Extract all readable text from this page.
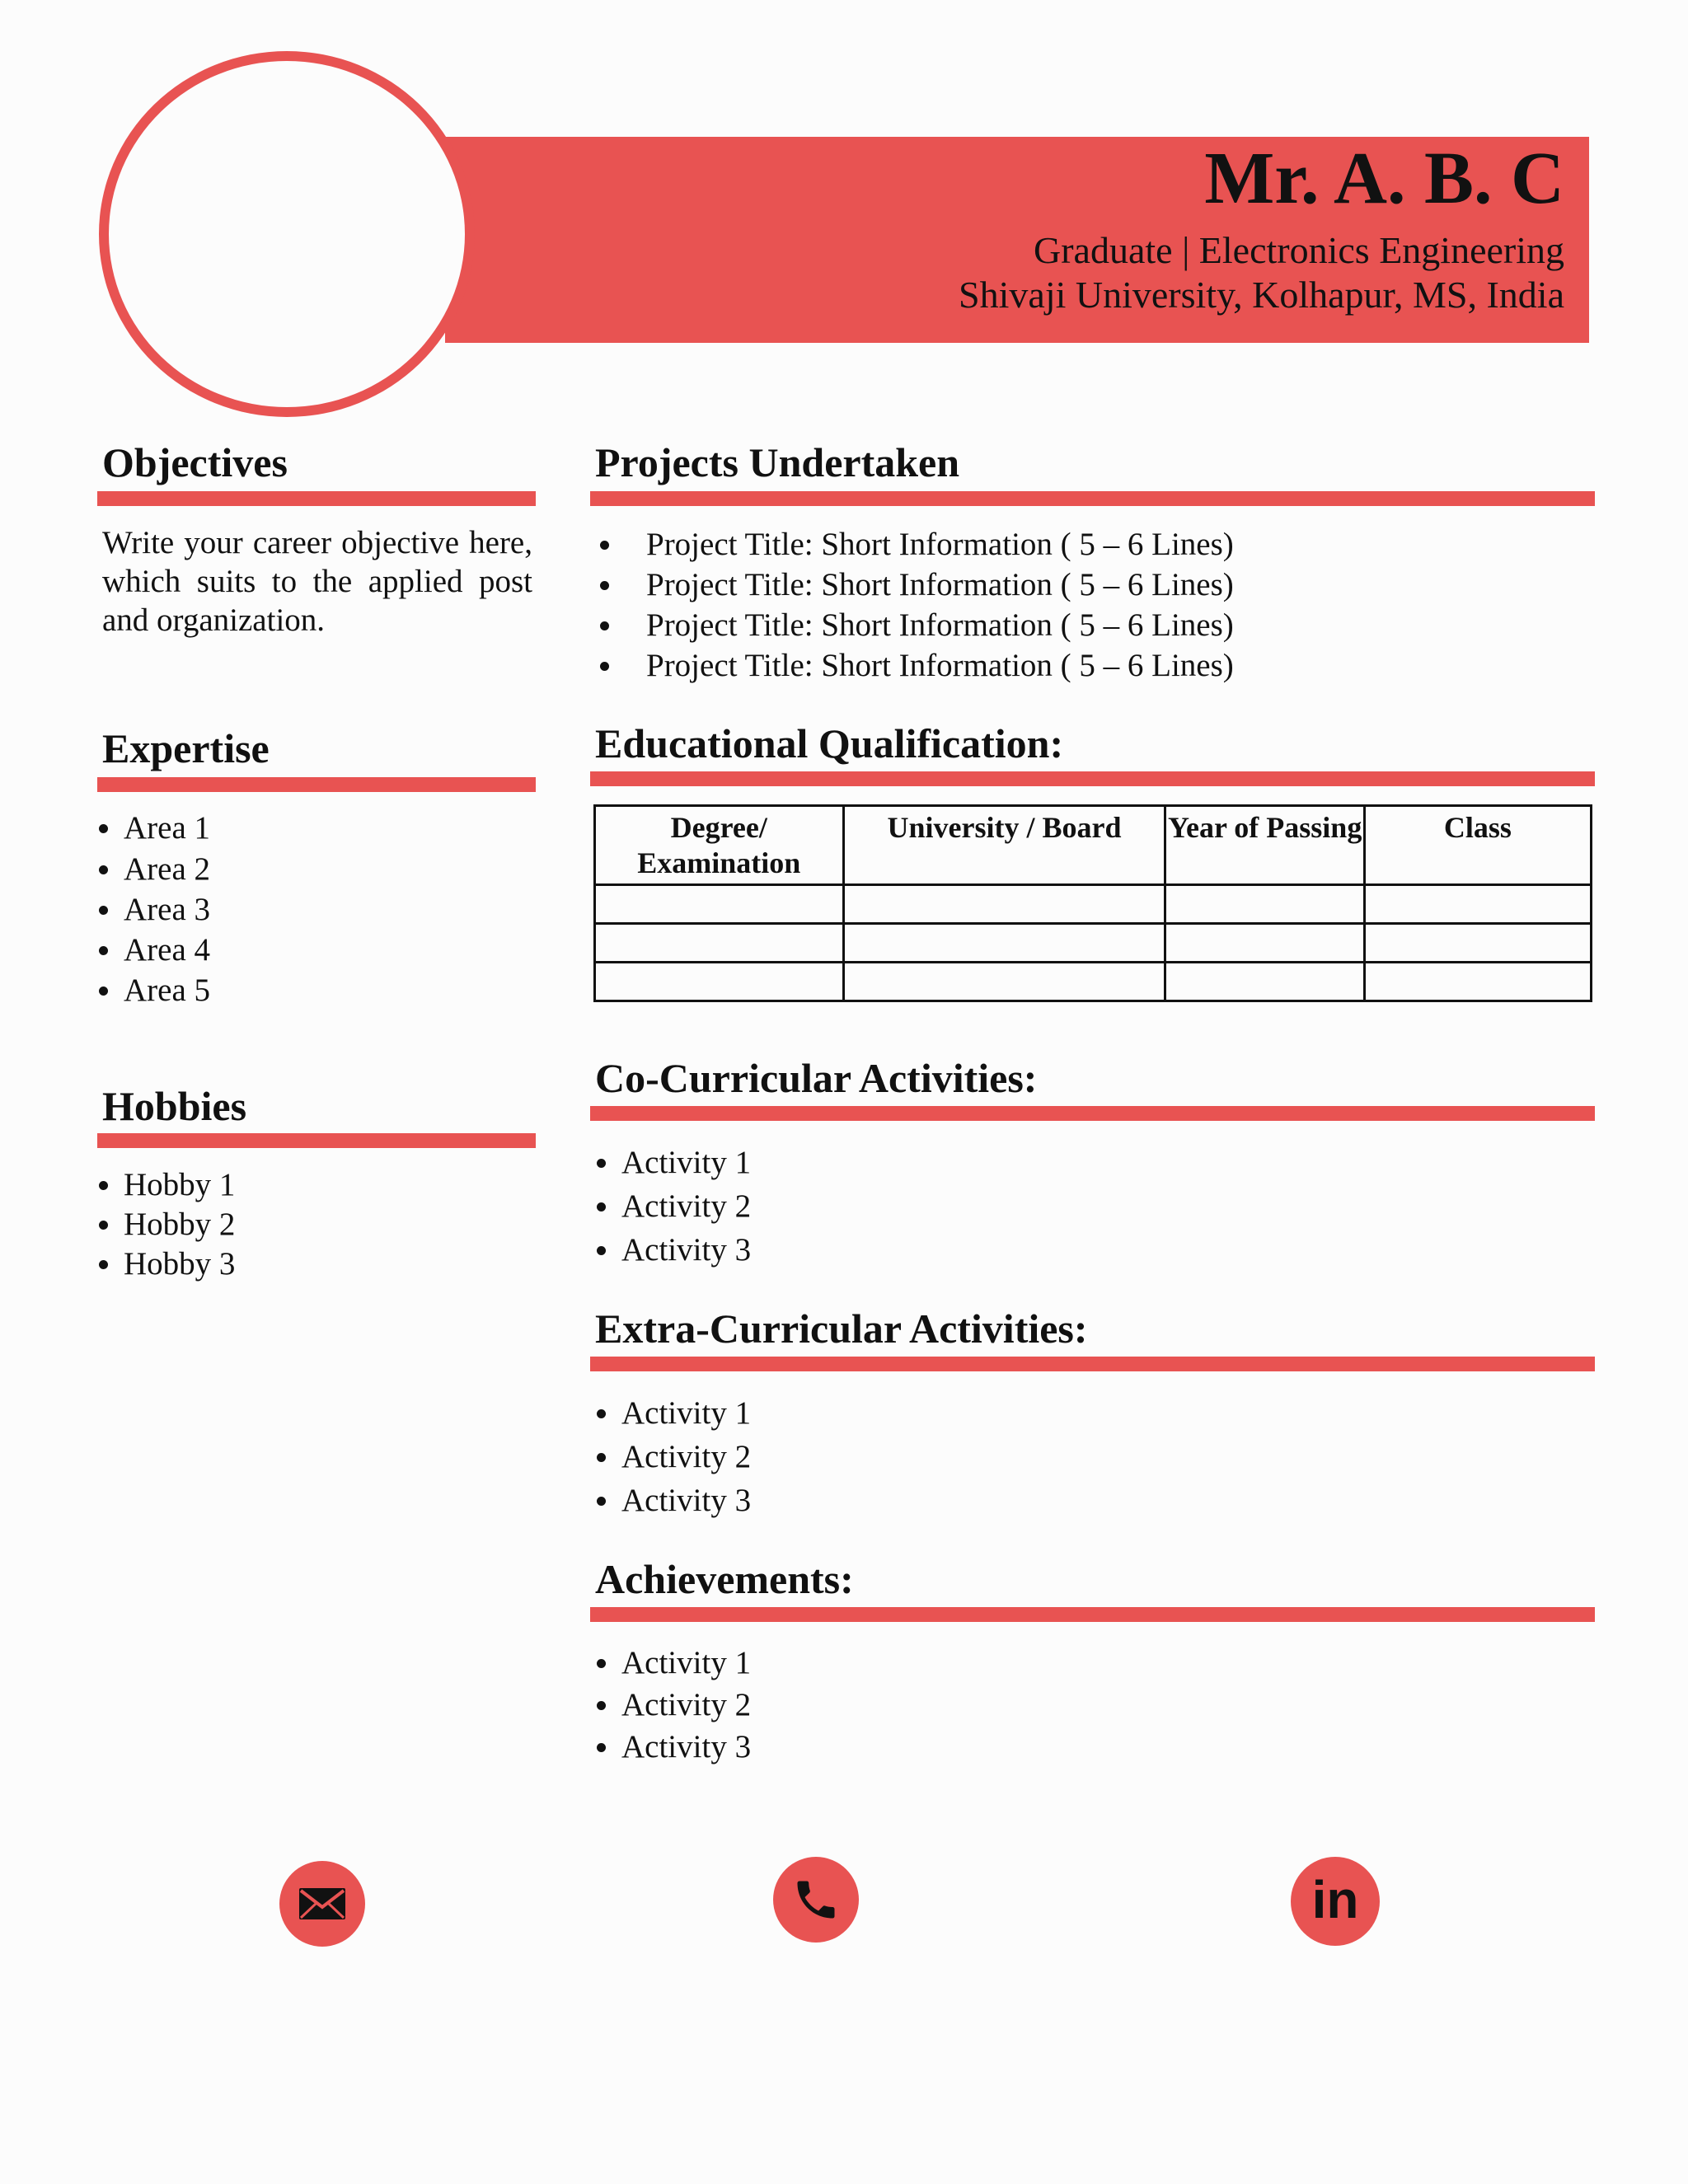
Mr. A. B. C
Graduate | Electronics Engineering
Shivaji University, Kolhapur, MS, India
Objectives
Write your career objective here, which suits to the applied post and organization.
Expertise
Area 1
Area 2
Area 3
Area 4
Area 5
Hobbies
Hobby 1
Hobby 2
Hobby 3
Projects Undertaken
Project Title: Short Information ( 5 – 6 Lines)
Project Title: Short Information ( 5 – 6 Lines)
Project Title: Short Information ( 5 – 6 Lines)
Project Title: Short Information ( 5 – 6 Lines)
Educational Qualification:
Degree/ Examination	University / Board	Year of Passing	Class

Co-Curricular Activities:
Activity 1
Activity 2
Activity 3
Extra-Curricular Activities:
Activity 1
Activity 2
Activity 3
Achievements:
Activity 1
Activity 2
Activity 3
in
